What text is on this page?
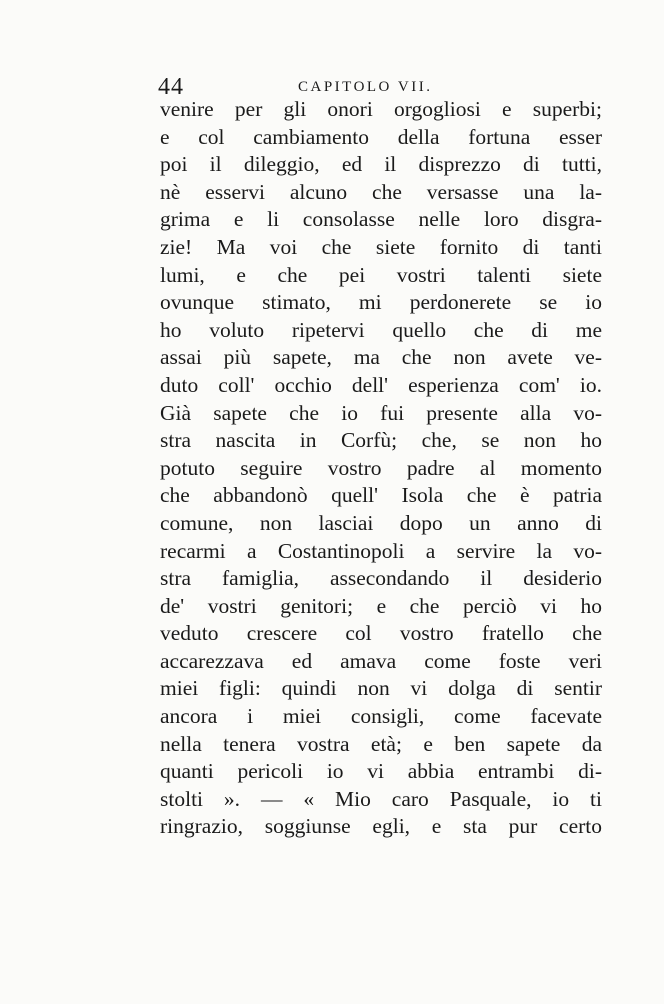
44	CAPITOLO VII.
venire per gli onori orgogliosi e superbi;
e col cambiamento della fortuna esser
poi il dileggio, ed il disprezzo di tutti,
nè esservi alcuno che versasse una la-
grima e li consolasse nelle loro disgra-
zie! Ma voi che siete fornito di tanti
lumi, e che pei vostri talenti siete
ovunque stimato, mi perdonerete se io
ho voluto ripetervi quello che di me
assai più sapete, ma che non avete ve-
duto coll' occhio dell' esperienza com' io.
Già sapete che io fui presente alla vo-
stra nascita in Corfù; che, se non ho
potuto seguire vostro padre al momento
che abbandonò quell' Isola che è patria
comune, non lasciai dopo un anno di
recarmi a Costantinopoli a servire la vo-
stra famiglia, assecondando il desiderio
de' vostri genitori; e che perciò vi ho
veduto crescere col vostro fratello che
accarezzava ed amava come foste veri
miei figli: quindi non vi dolga di sentir
ancora i miei consigli, come facevate
nella tenera vostra età; e ben sapete da
quanti pericoli io vi abbia entrambi di-
stolti ». — « Mio caro Pasquale, io ti
ringrazio, soggiunse egli, e sta pur certo
